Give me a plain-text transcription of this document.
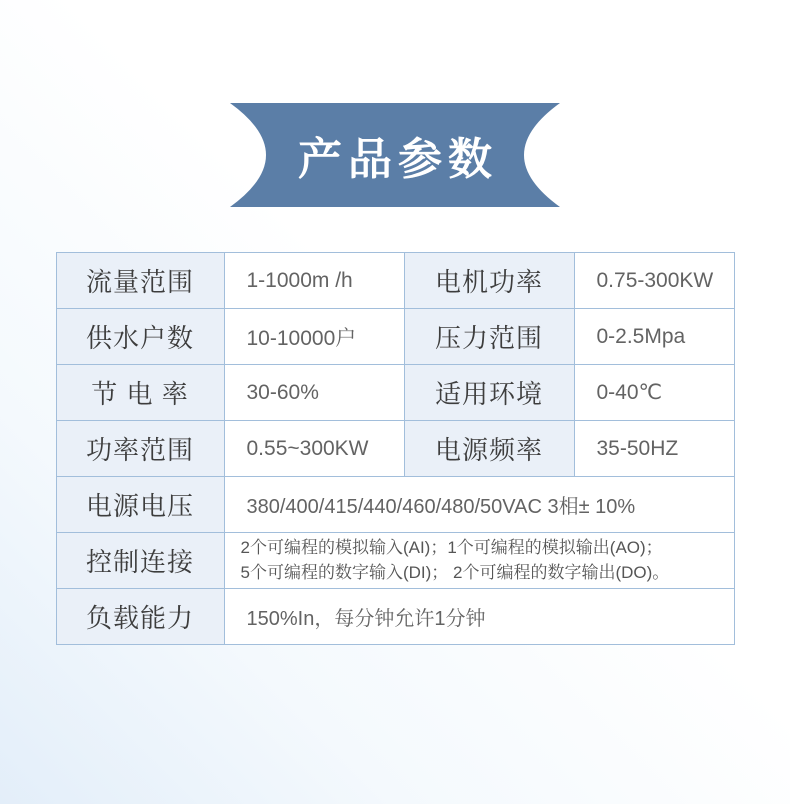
产品参数
流量范围	1-1000m /h	电机功率	0.75-300KW
供水户数	10-10000户	压力范围	0-2.5Mpa
节 电 率	30-60%	适用环境	0-40℃
功率范围	0.55~300KW	电源频率	35-50HZ
电源电压	380/400/415/440/460/480/50VAC 3相± 10%		
控制连接	2个可编程的模拟输入(AI)；1个可编程的模拟输出(AO)；
5个可编程的数字输入(DI)； 2个可编程的数字输出(DO)。		

负载能力	150%In，每分钟允许1分钟		
